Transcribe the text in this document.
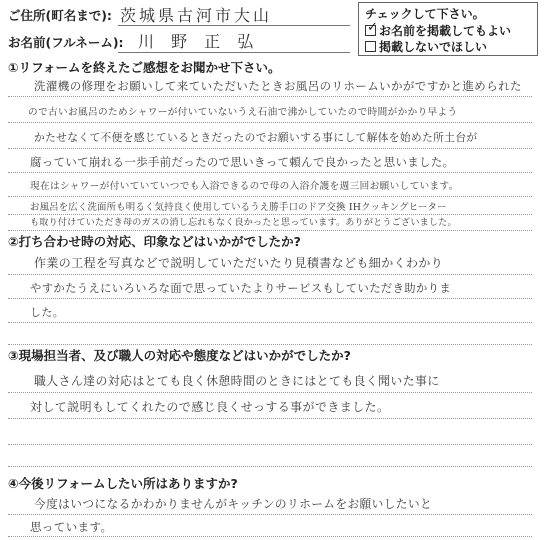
ご住所(町名まで): 茨城県古河市大山
お名前(フルネーム): 川 野 正 弘
チェックして下さい。
✓ お名前を掲載してもよい
掲載しないでほしい
①リフォームを終えたご感想をお聞かせ下さい。
洗濯機の修理をお願いして来ていただいたときお風呂のリホームいかがですかと進められた
ので古いお風呂のためシャワーが付いていないうえ石油で沸かしていたので時間がかかり早よう
かたせなくて不便を感じているときだったのでお願いする事にして解体を始めた所土台が
腐っていて崩れる一歩手前だったので思いきって頼んで良かったと思いました。
現在はシャワーが付いていていつでも入浴できるので母の入浴介護を週三回お願いしています。
お風呂を広く洗面所も明るく気持良く使用しているうえ勝手口のドア交換 IHクッキングヒーター
も取り付けていただき母のガスの消し忘れもなく良かったと思っています。ありがとうございました。
②打ち合わせ時の対応、印象などはいかがでしたか?
作業の工程を写真などで説明していただいたり見積書なども細かくわかり
やすかたうえにいろいろな面で思っていたよりサービスもしていただき助かりま
した。
③現場担当者、及び職人の対応や態度などはいかがでしたか?
職人さん達の対応はとても良く休憩時間のときにはとても良く聞いた事に
対して説明もしてくれたので感じ良くせっする事ができました。
④今後リフォームしたい所はありますか?
今度はいつになるかわかりませんがキッチンのリホームをお願いしたいと
思っています。
